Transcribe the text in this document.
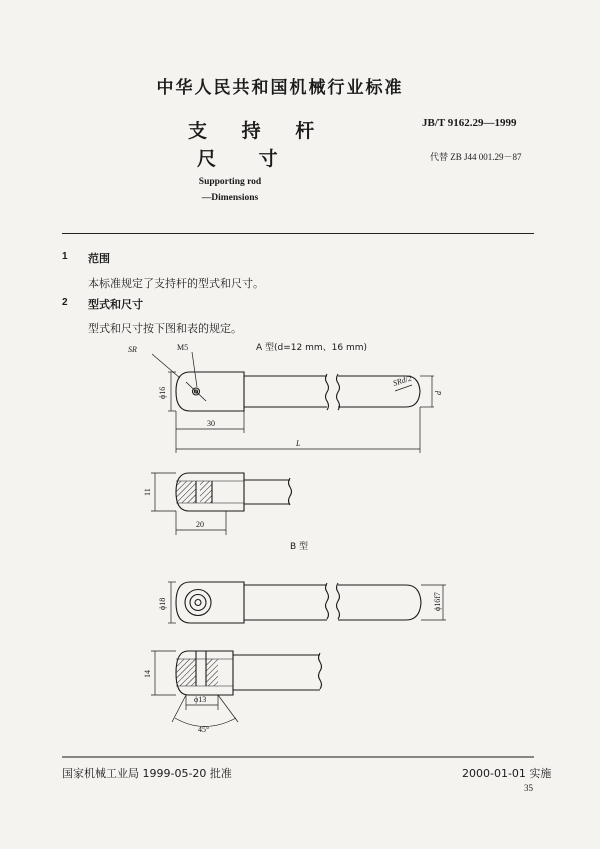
中华人民共和国机械行业标准
支 持 杆
尺 寸
JB/T 9162.29—1999
代替 ZB J44 001.29－87
Supporting rod
—Dimensions
1 范围
本标准规定了支持杆的型式和尺寸。
2 型式和尺寸
型式和尺寸按下图和表的规定。
A 型(d=12 mm、16 mm)
B 型
SR	M5
ϕ16
30
L
SRd/2
d
11
20
ϕ18	ϕ16f7
14
ϕ13
45°
国家机械工业局 1999-05-20 批准	2000-01-01 实施
35
